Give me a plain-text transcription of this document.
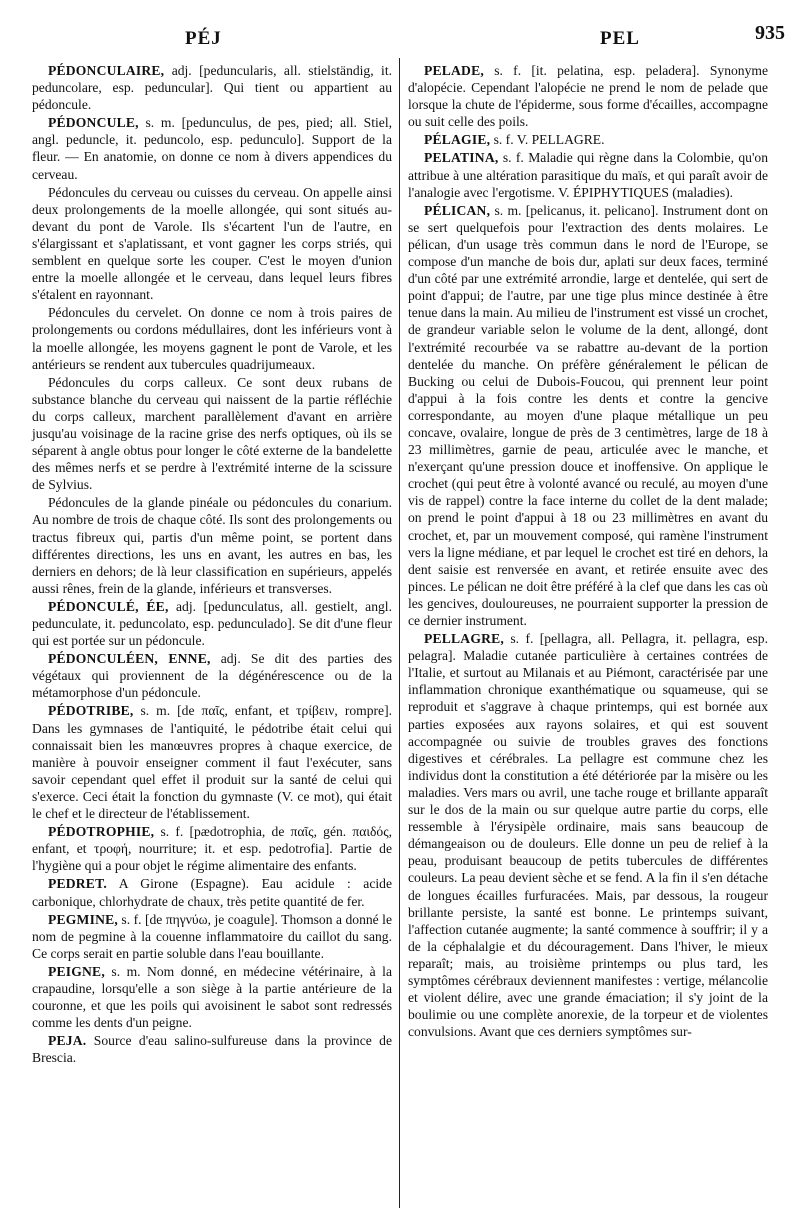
PÉJ	PEL	935

PÉDONCULAIRE, adj. [peduncularis, all. stielständig, it. peduncolare, esp. peduncular]. Qui tient ou appartient au pédoncule.

PÉDONCULE, s. m. [pedunculus, de pes, pied; all. Stiel, angl. peduncle, it. peduncolo, esp. pedunculo]. Support de la fleur. — En anatomie, on donne ce nom à divers appendices du cerveau.

Pédoncules du cerveau ou cuisses du cerveau. On appelle ainsi deux prolongements de la moelle allongée, qui sont situés au-devant du pont de Varole. Ils s'écartent l'un de l'autre, en s'élargissant et s'aplatissant, et vont gagner les corps striés, qui semblent en quelque sorte les couper. C'est le moyen d'union entre la moelle allongée et le cerveau, dans lequel leurs fibres s'étalent en rayonnant.

Pédoncules du cervelet. On donne ce nom à trois paires de prolongements ou cordons médullaires, dont les inférieurs vont à la moelle allongée, les moyens gagnent le pont de Varole, et les antérieurs se rendent aux tubercules quadrijumeaux.

Pédoncules du corps calleux. Ce sont deux rubans de substance blanche du cerveau qui naissent de la partie réfléchie du corps calleux, marchent parallèlement d'avant en arrière jusqu'au voisinage de la racine grise des nerfs optiques, où ils se séparent à angle obtus pour longer le côté externe de la bandelette des mêmes nerfs et se perdre à l'extrémité interne de la scissure de Sylvius.

Pédoncules de la glande pinéale ou pédoncules du conarium. Au nombre de trois de chaque côté. Ils sont des prolongements ou tractus fibreux qui, partis d'un même point, se portent dans différentes directions, les uns en avant, les autres en bas, les derniers en dehors; de là leur classification en supérieurs, appelés aussi rênes, frein de la glande, inférieurs et transverses.

PÉDONCULÉ, ÉE, adj. [pedunculatus, all. gestielt, angl. pedunculate, it. peduncolato, esp. pedunculado]. Se dit d'une fleur qui est portée sur un pédoncule.

PÉDONCULÉEN, ENNE, adj. Se dit des parties des végétaux qui proviennent de la dégénérescence ou de la métamorphose d'un pédoncule.

PÉDOTRIBE, s. m. [de παῖς, enfant, et τρίβειν, rompre]. Dans les gymnases de l'antiquité, le pédotribe était celui qui connaissait bien les manœuvres propres à chaque exercice, de manière à pouvoir enseigner comment il faut l'exécuter, sans savoir cependant quel effet il produit sur la santé de celui qui s'exerce. Ceci était la fonction du gymnaste (V. ce mot), qui était le chef et le directeur de l'établissement.

PÉDOTROPHIE, s. f. [pædotrophia, de παῖς, gén. παιδός, enfant, et τροφή, nourriture; it. et esp. pedotrofia]. Partie de l'hygiène qui a pour objet le régime alimentaire des enfants.

PEDRET. A Girone (Espagne). Eau acidule : acide carbonique, chlorhydrate de chaux, très petite quantité de fer.

PEGMINE, s. f. [de πηγνύω, je coagule]. Thomson a donné le nom de pegmine à la couenne inflammatoire du caillot du sang. Ce corps serait en partie soluble dans l'eau bouillante.

PEIGNE, s. m. Nom donné, en médecine vétérinaire, à la crapaudine, lorsqu'elle a son siège à la partie antérieure de la couronne, et que les poils qui avoisinent le sabot sont redressés comme les dents d'un peigne.

PEJA. Source d'eau salino-sulfureuse dans la province de Brescia.

PELADE, s. f. [it. pelatina, esp. peladera]. Synonyme d'alopécie. Cependant l'alopécie ne prend le nom de pelade que lorsque la chute de l'épiderme, sous forme d'écailles, accompagne ou suit celle des poils.

PÉLAGIE, s. f. V. PELLAGRE.

PELATINA, s. f. Maladie qui règne dans la Colombie, qu'on attribue à une altération parasitique du maïs, et qui paraît avoir de l'analogie avec l'ergotisme. V. ÉPIPHYTIQUES (maladies).

PÉLICAN, s. m. [pelicanus, it. pelicano]. Instrument dont on se sert quelquefois pour l'extraction des dents molaires. Le pélican, d'un usage très commun dans le nord de l'Europe, se compose d'un manche de bois dur, aplati sur deux faces, terminé d'un côté par une extrémité arrondie, large et dentelée, qui sert de point d'appui; de l'autre, par une tige plus mince destinée à être tenue dans la main. Au milieu de l'instrument est vissé un crochet, de grandeur variable selon le volume de la dent, allongé, dont l'extrémité recourbée va se rabattre au-devant de la portion dentelée du manche. On préfère généralement le pélican de Bucking ou celui de Dubois-Foucou, qui prennent leur point d'appui à la fois contre les dents et contre la gencive correspondante, au moyen d'une plaque métallique un peu concave, ovalaire, longue de près de 3 centimètres, large de 18 à 23 millimètres, garnie de peau, articulée avec le manche, et n'exerçant qu'une pression douce et inoffensive. On applique le crochet (qui peut être à volonté avancé ou reculé, au moyen d'une vis de rappel) contre la face interne du collet de la dent malade; on prend le point d'appui à 18 ou 23 millimètres en avant du crochet, et, par un mouvement composé, qui ramène l'instrument vers la ligne médiane, et par lequel le crochet est tiré en dehors, la dent saisie est renversée en avant, et retirée ensuite avec des pinces. Le pélican ne doit être préféré à la clef que dans les cas où les gencives, douloureuses, ne pourraient supporter la pression de ce dernier instrument.

PELLAGRE, s. f. [pellagra, all. Pellagra, it. pellagra, esp. pelagra]. Maladie cutanée particulière à certaines contrées de l'Italie, et surtout au Milanais et au Piémont, caractérisée par une inflammation chronique exanthématique ou squameuse, qui se reproduit et s'aggrave à chaque printemps, qui est bornée aux parties exposées aux rayons solaires, et qui est souvent accompagnée ou suivie de troubles graves des fonctions digestives et cérébrales. La pellagre est commune chez les individus dont la constitution a été détériorée par la misère ou les maladies. Vers mars ou avril, une tache rouge et brillante apparaît sur le dos de la main ou sur quelque autre partie du corps, elle ressemble à l'érysipèle ordinaire, mais sans beaucoup de démangeaison ou de douleurs. Elle donne un peu de relief à la peau, produisant beaucoup de petits tubercules de différentes couleurs. La peau devient sèche et se fend. A la fin il s'en détache de longues écailles furfuracées. Mais, par dessous, la rougeur brillante persiste, la santé est bonne. Le printemps suivant, l'affection cutanée augmente; la santé commence à souffrir; il y a de la céphalalgie et du découragement. Dans l'hiver, le mieux reparaît; mais, au troisième printemps ou plus tard, les symptômes cérébraux deviennent manifestes : vertige, mélancolie et violent délire, avec une grande émaciation; il s'y joint de la boulimie ou une complète anorexie, de la torpeur et de violentes convulsions. Avant que ces derniers symptômes sur-
